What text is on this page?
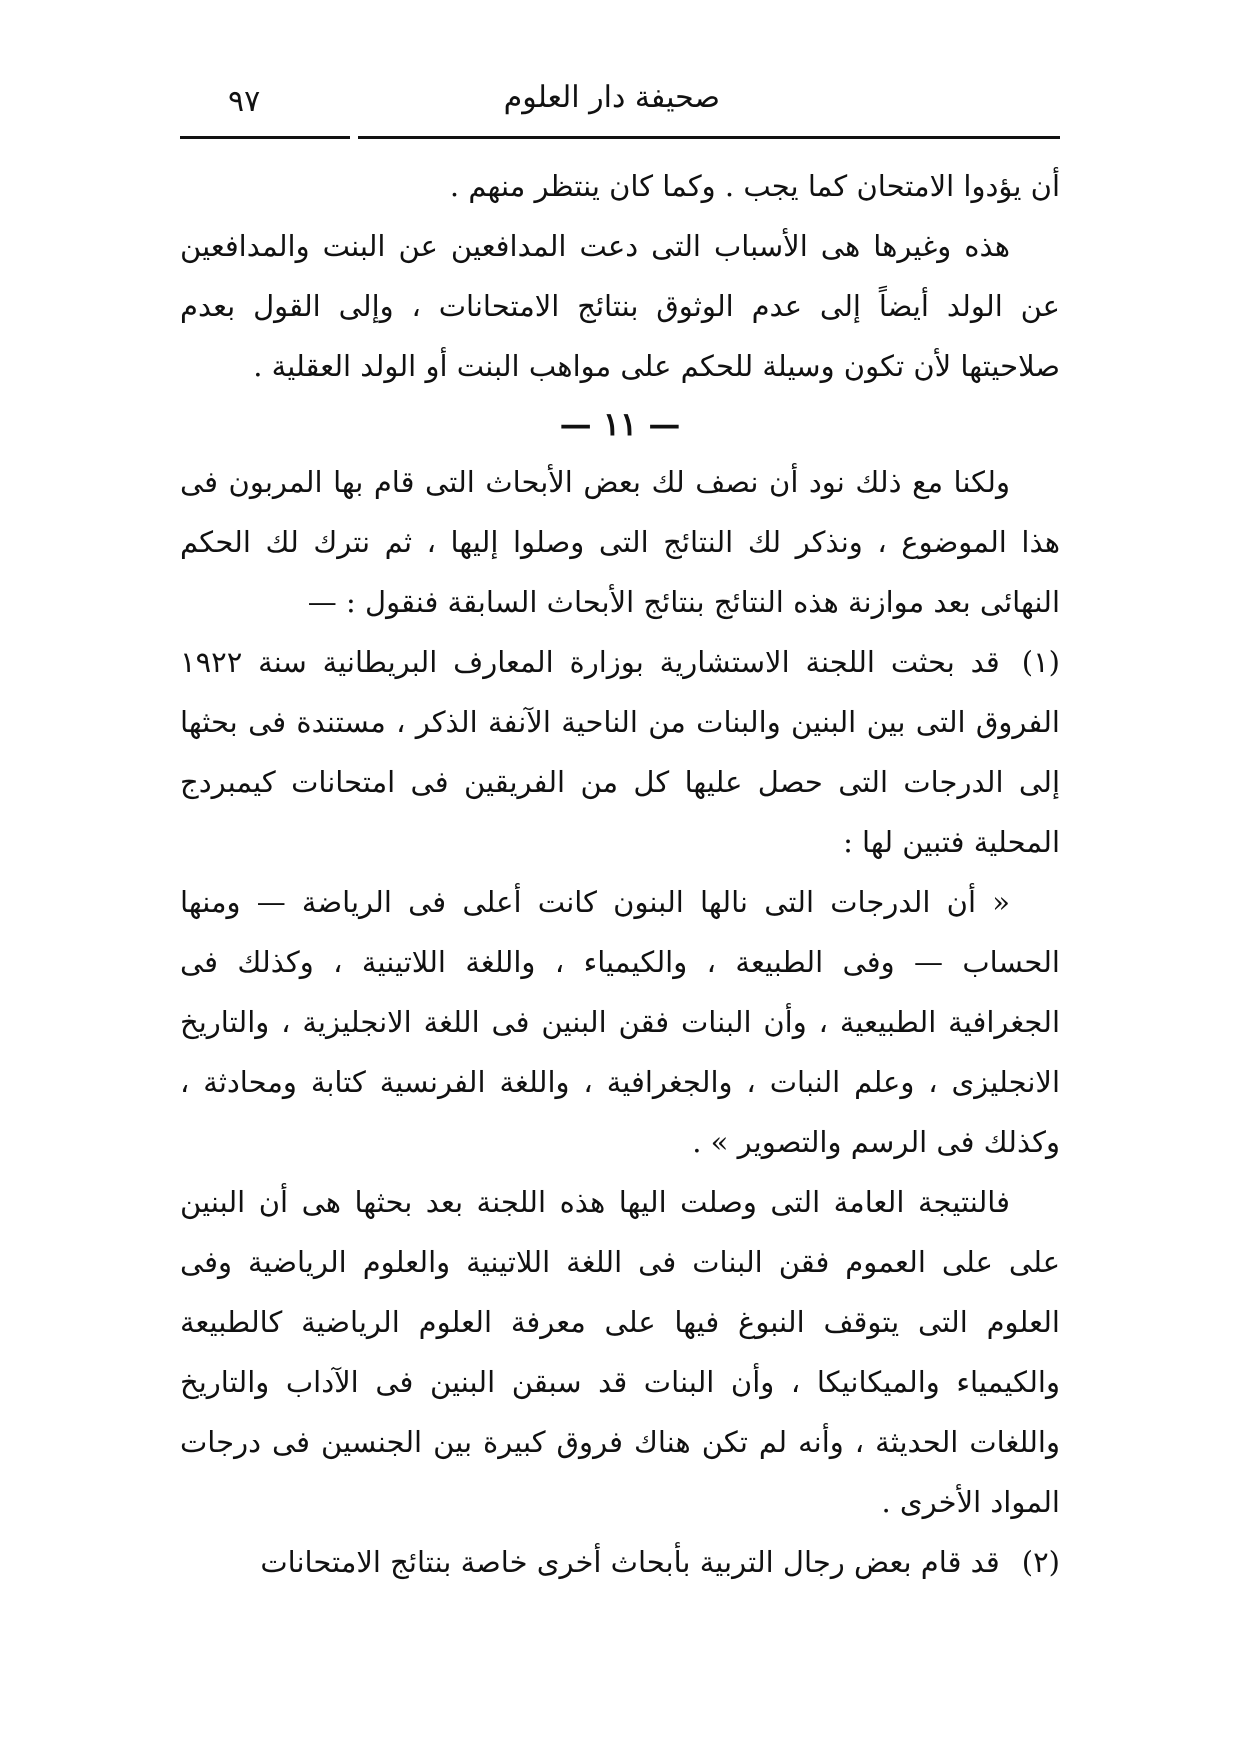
صحيفة دار العلوم
٩٧

أن يؤدوا الامتحان كما يجب . وكما كان ينتظر منهم .

هذه وغيرها هى الأسباب التى دعت المدافعين عن البنت والمدافعين عن الولد أيضاً إلى عدم الوثوق بنتائج الامتحانات ، وإلى القول بعدم صلاحيتها لأن تكون وسيلة للحكم على مواهب البنت أو الولد العقلية .

— ١١ —

ولكنا مع ذلك نود أن نصف لك بعض الأبحاث التى قام بها المربون فى هذا الموضوع ، ونذكر لك النتائج التى وصلوا إليها ، ثم نترك لك الحكم النهائى بعد موازنة هذه النتائج بنتائج الأبحاث السابقة فنقول : —

(١)قد بحثت اللجنة الاستشارية بوزارة المعارف البريطانية سنة ١٩٢٢ الفروق التى بين البنين والبنات من الناحية الآنفة الذكر ، مستندة فى بحثها إلى الدرجات التى حصل عليها كل من الفريقين فى امتحانات كيمبردج المحلية فتبين لها :

« أن الدرجات التى نالها البنون كانت أعلى فى الرياضة — ومنها الحساب — وفى الطبيعة ، والكيمياء ، واللغة اللاتينية ، وكذلك فى الجغرافية الطبيعية ، وأن البنات فقن البنين فى اللغة الانجليزية ، والتاريخ الانجليزى ، وعلم النبات ، والجغرافية ، واللغة الفرنسية كتابة ومحادثة ، وكذلك فى الرسم والتصوير » .

فالنتيجة العامة التى وصلت اليها هذه اللجنة بعد بحثها هى أن البنين على على العموم فقن البنات فى اللغة اللاتينية والعلوم الرياضية وفى العلوم التى يتوقف النبوغ فيها على معرفة العلوم الرياضية كالطبيعة والكيمياء والميكانيكا ، وأن البنات قد سبقن البنين فى الآداب والتاريخ واللغات الحديثة ، وأنه لم تكن هناك فروق كبيرة بين الجنسين فى درجات المواد الأخرى .

(٢)قد قام بعض رجال التربية بأبحاث أخرى خاصة بنتائج الامتحانات
